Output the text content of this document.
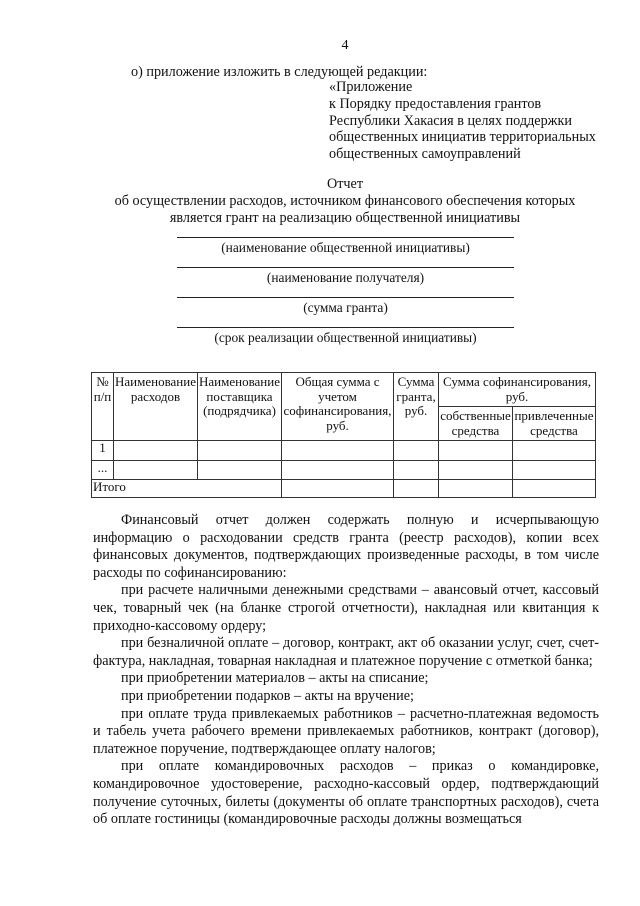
4
о) приложение изложить в следующей редакции:
«Приложение
к Порядку предоставления грантов
Республики Хакасия в целях поддержки
общественных инициатив территориальных
общественных самоуправлений
Отчет
об осуществлении расходов, источником финансового обеспечения которых
является грант на реализацию общественной инициативы
(наименование общественной инициативы)
(наименование получателя)
(сумма гранта)
(срок реализации общественной инициативы)
№ п/п	Наименование расходов	Наименование поставщика (подрядчика)	Общая сумма с учетом софинансирования, руб.	Сумма гранта, руб.	Сумма софинансирования, руб.	
					собственные средства	привлеченные средства
1						
...						
Итого						

Финансовый отчет должен содержать полную и исчерпывающую информацию о расходовании средств гранта (реестр расходов), копии всех финансовых документов, подтверждающих произведенные расходы, в том числе расходы по софинансированию:

при расчете наличными денежными средствами – авансовый отчет, кассовый чек, товарный чек (на бланке строгой отчетности), накладная или квитанция к приходно-кассовому ордеру;

при безналичной оплате – договор, контракт, акт об оказании услуг, счет, счет-фактура, накладная, товарная накладная и платежное поручение с отметкой банка;

при приобретении материалов – акты на списание;

при приобретении подарков – акты на вручение;

при оплате труда привлекаемых работников – расчетно-платежная ведомость и табель учета рабочего времени привлекаемых работников, контракт (договор), платежное поручение, подтверждающее оплату налогов;

при оплате командировочных расходов – приказ о командировке, командировочное удостоверение, расходно-кассовый ордер, подтверждающий получение суточных, билеты (документы об оплате транспортных расходов), счета об оплате гостиницы (командировочные расходы должны возмещаться
